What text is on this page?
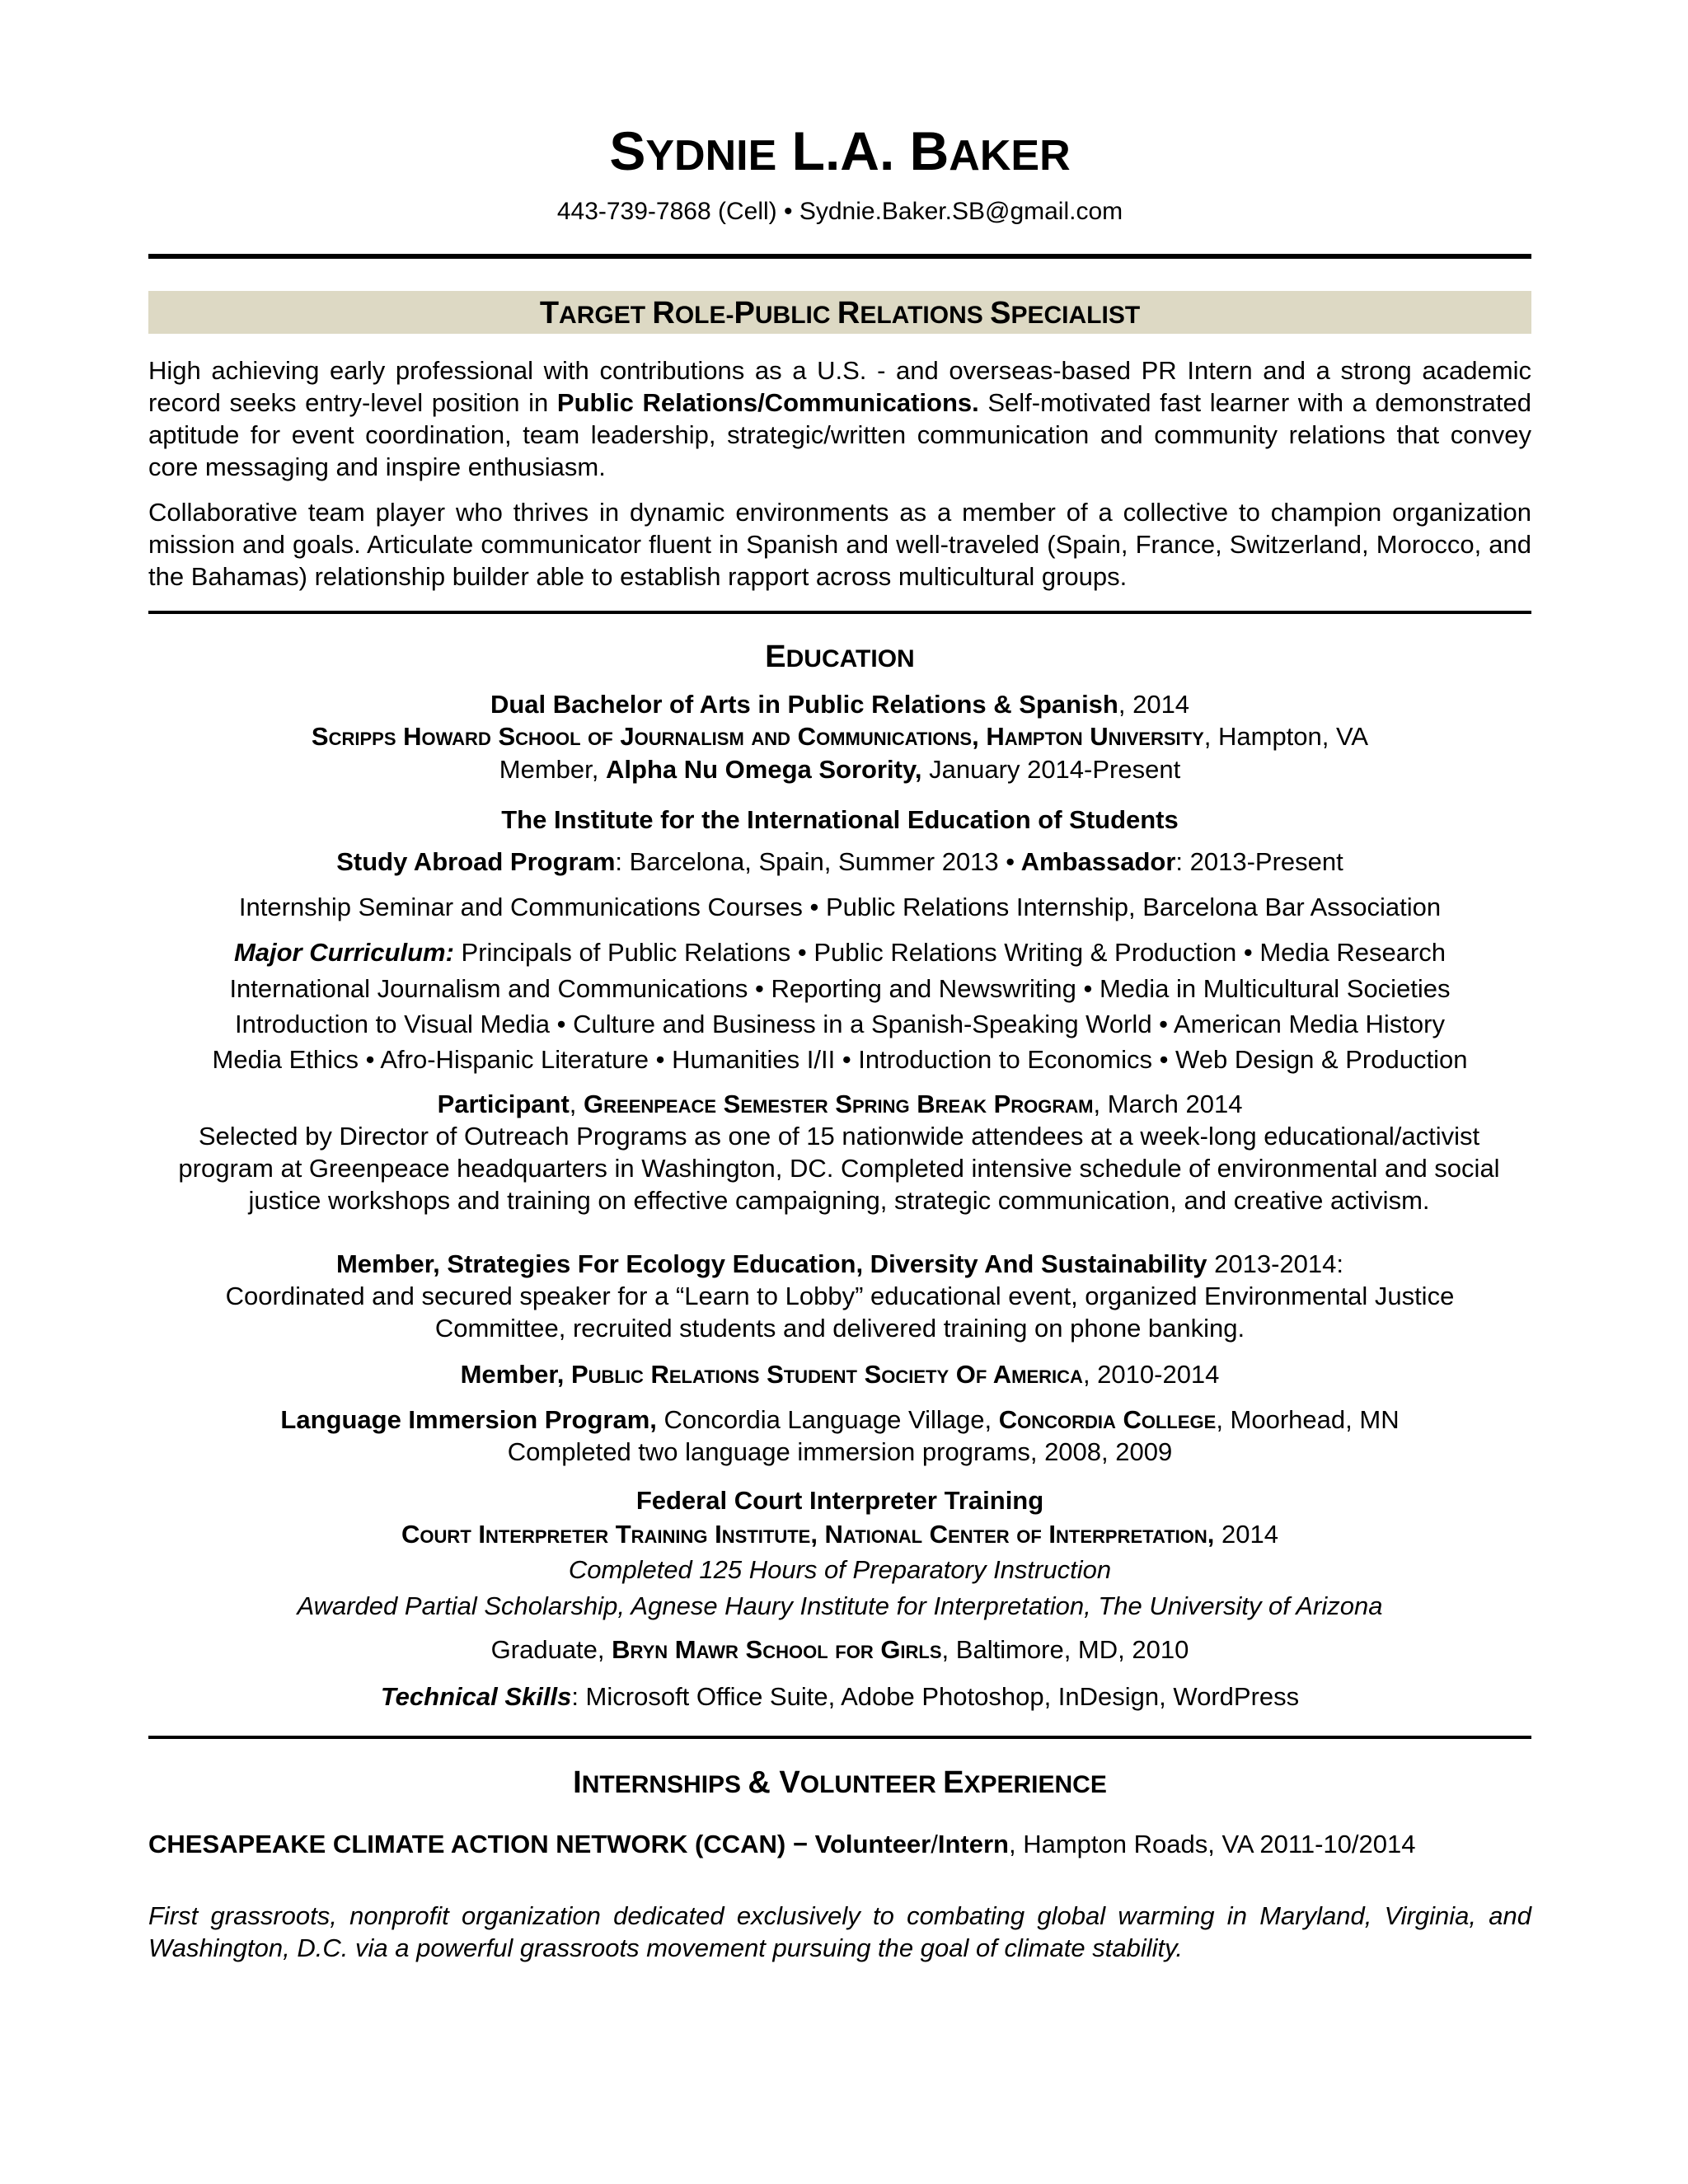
SYDNIE L.A. BAKER
443-739-7868 (Cell) • Sydnie.Baker.SB@gmail.com
TARGET ROLE-PUBLIC RELATIONS SPECIALIST
High achieving early professional with contributions as a U.S. - and overseas-based PR Intern and a strong academic record seeks entry-level position in Public Relations/Communications. Self-motivated fast learner with a demonstrated aptitude for event coordination, team leadership, strategic/written communication and community relations that convey core messaging and inspire enthusiasm.
Collaborative team player who thrives in dynamic environments as a member of a collective to champion organization mission and goals. Articulate communicator fluent in Spanish and well-traveled (Spain, France, Switzerland, Morocco, and the Bahamas) relationship builder able to establish rapport across multicultural groups.
EDUCATION
Dual Bachelor of Arts in Public Relations & Spanish, 2014
Scripps Howard School of Journalism and Communications, Hampton University, Hampton, VA
Member, Alpha Nu Omega Sorority, January 2014-Present
The Institute for the International Education of Students
Study Abroad Program: Barcelona, Spain, Summer 2013 • Ambassador: 2013-Present
Internship Seminar and Communications Courses • Public Relations Internship, Barcelona Bar Association
Major Curriculum: Principals of Public Relations • Public Relations Writing & Production • Media Research
International Journalism and Communications • Reporting and Newswriting • Media in Multicultural Societies
Introduction to Visual Media • Culture and Business in a Spanish-Speaking World • American Media History
Media Ethics • Afro-Hispanic Literature • Humanities I/II • Introduction to Economics • Web Design & Production
Participant, Greenpeace Semester Spring Break Program, March 2014
Selected by Director of Outreach Programs as one of 15 nationwide attendees at a week-long educational/activist program at Greenpeace headquarters in Washington, DC. Completed intensive schedule of environmental and social justice workshops and training on effective campaigning, strategic communication, and creative activism.
Member, Strategies For Ecology Education, Diversity And Sustainability 2013-2014:
Coordinated and secured speaker for a “Learn to Lobby” educational event, organized Environmental Justice Committee, recruited students and delivered training on phone banking.
Member, Public Relations Student Society Of America, 2010-2014
Language Immersion Program, Concordia Language Village, Concordia College, Moorhead, MN
Completed two language immersion programs, 2008, 2009
Federal Court Interpreter Training
Court Interpreter Training Institute, National Center of Interpretation, 2014
Completed 125 Hours of Preparatory Instruction
Awarded Partial Scholarship, Agnese Haury Institute for Interpretation, The University of Arizona
Graduate, Bryn Mawr School for Girls, Baltimore, MD, 2010
Technical Skills: Microsoft Office Suite, Adobe Photoshop, InDesign, WordPress
INTERNSHIPS & VOLUNTEER EXPERIENCE
CHESAPEAKE CLIMATE ACTION NETWORK (CCAN) − Volunteer/Intern, Hampton Roads, VA 2011-10/2014
First grassroots, nonprofit organization dedicated exclusively to combating global warming in Maryland, Virginia, and Washington, D.C. via a powerful grassroots movement pursuing the goal of climate stability.
